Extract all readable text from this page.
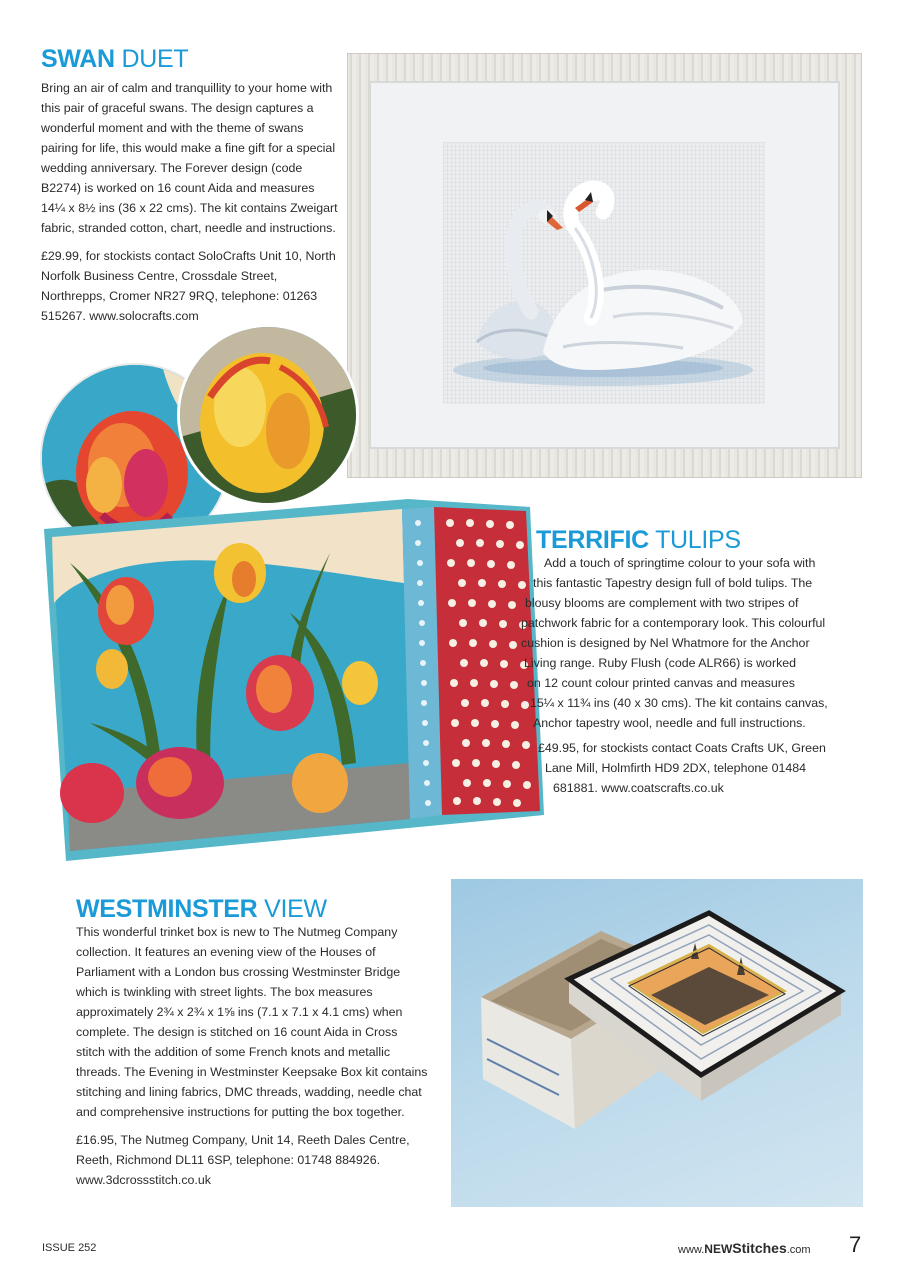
SWAN DUET

Bring an air of calm and tranquillity to your home with this pair of graceful swans. The design captures a wonderful moment and with the theme of swans pairing for life, this would make a fine gift for a special wedding anniversary. The Forever design (code B2274) is worked on 16 count Aida and measures 14¼ x 8½ ins (36 x 22 cms). The kit contains Zweigart fabric, stranded cotton, chart, needle and instructions.

£29.99, for stockists contact SoloCrafts Unit 10, North Norfolk Business Centre, Crossdale Street, Northrepps, Cromer NR27 9RQ, telephone: 01263 515267. www.solocrafts.com

TERRIFIC TULIPS
Add a touch of springtime colour to your sofa with
this fantastic Tapestry design full of bold tulips. The
blousy blooms are complement with two stripes of
patchwork fabric for a contemporary look. This colourful
cushion is designed by Nel Whatmore for the Anchor
Living range. Ruby Flush (code ALR66) is worked
on 12 count colour printed canvas and measures
15¼ x 11¾ ins (40 x 30 cms). The kit contains canvas,
Anchor tapestry wool, needle and full instructions.
£49.95, for stockists contact Coats Crafts UK, Green
Lane Mill, Holmfirth HD9 2DX, telephone 01484
681881. www.coatscrafts.co.uk
WESTMINSTER VIEW

This wonderful trinket box is new to The Nutmeg Company collection. It features an evening view of the Houses of Parliament with a London bus crossing Westminster Bridge which is twinkling with street lights. The box measures approximately 2¾ x 2¾ x 1⅝ ins (7.1 x 7.1 x 4.1 cms) when complete. The design is stitched on 16 count Aida in Cross stitch with the addition of some French knots and metallic threads. The Evening in Westminster Keepsake Box kit contains stitching and lining fabrics, DMC threads, wadding, needle chat and comprehensive instructions for putting the box together.

£16.95, The Nutmeg Company, Unit 14, Reeth Dales Centre, Reeth, Richmond DL11 6SP, telephone: 01748 884926. www.3dcrossstitch.co.uk

ISSUE 252	www.NEWStitches.com 7
